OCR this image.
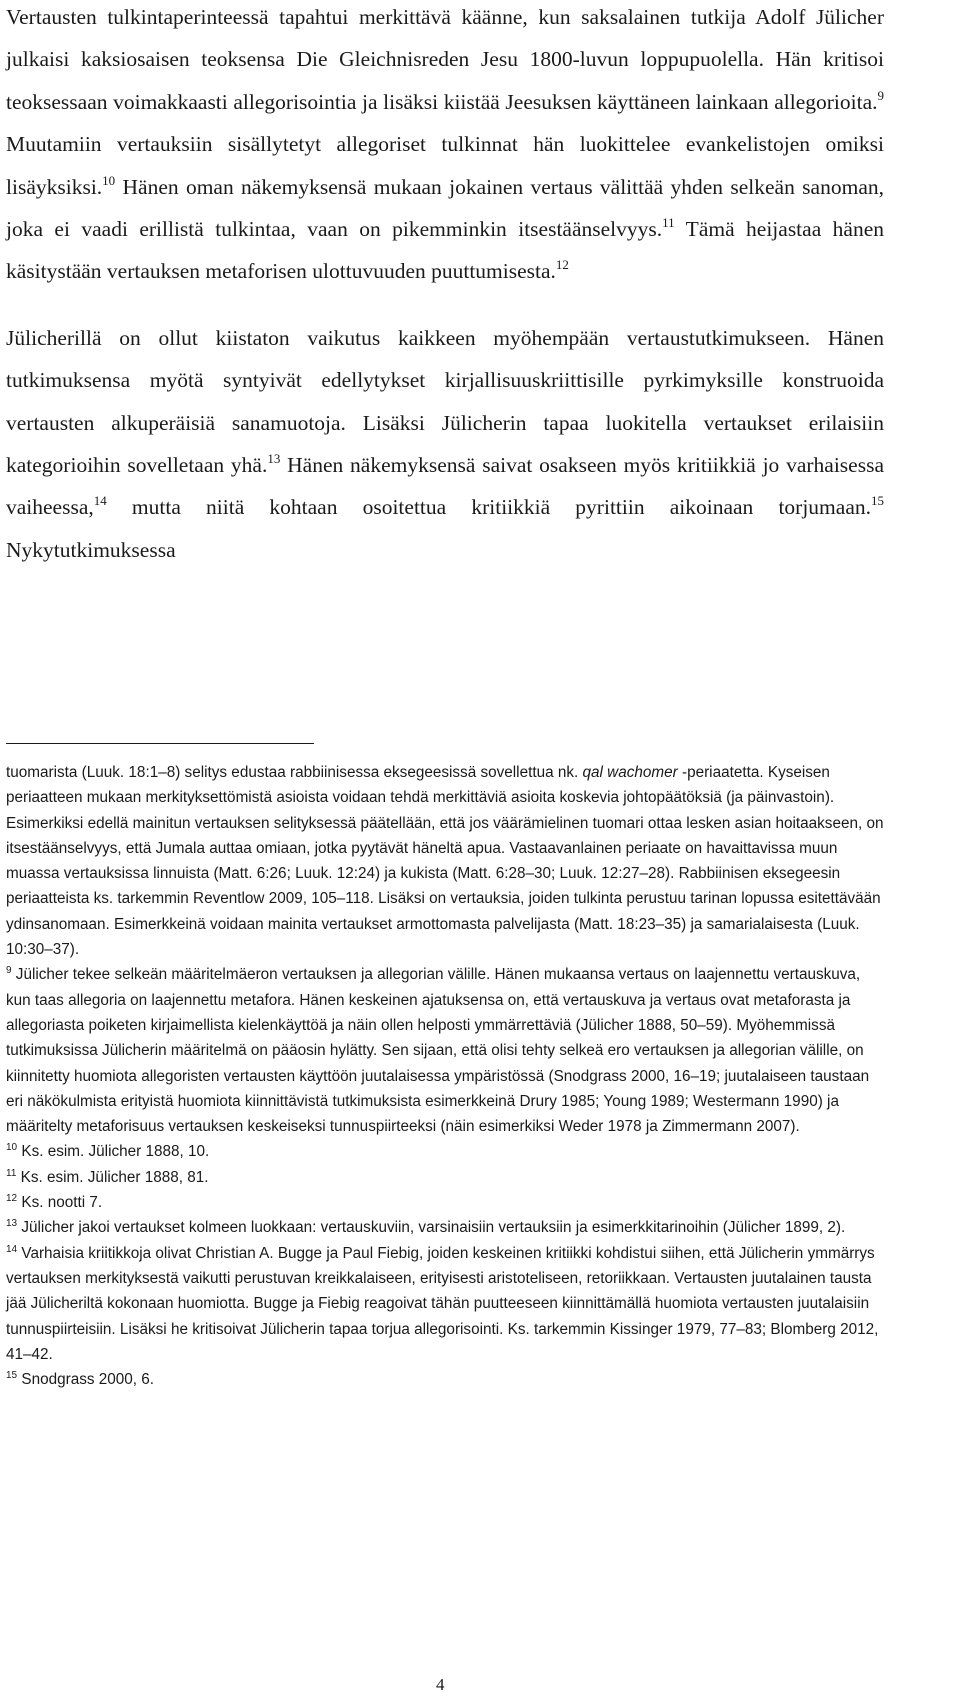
Vertausten tulkintaperinteessä tapahtui merkittävä käänne, kun saksalainen tutkija Adolf Jülicher julkaisi kaksiosaisen teoksensa Die Gleichnisreden Jesu 1800-luvun loppupuolella. Hän kritisoi teoksessaan voimakkaasti allegorisointia ja lisäksi kiistää Jeesuksen käyttäneen lainkaan allegorioita.$^9$ Muutamiin vertauksiin sisällytetyt allegoriset tulkinnat hän luokittelee evankelistojen omiksi lisäyksiksi.$^{10}$ Hänen oman näkemyksensä mukaan jokainen vertaus välittää yhden selkeän sanoman, joka ei vaadi erillistä tulkintaa, vaan on pikemminkin itsestäänselvyys.$^{11}$ Tämä heijastaa hänen käsitystään vertauksen metaforisen ulottuvuuden puuttumisesta.$^{12}$

Jülicherillä on ollut kiistaton vaikutus kaikkeen myöhempään vertaustutkimukseen. Hänen tutkimuksensa myötä syntyivät edellytykset kirjallisuuskriittisille pyrkimyksille konstruoida vertausten alkuperäisiä sanamuotoja. Lisäksi Jülicherin tapaa luokitella vertaukset erilaisiin kategorioihin sovelletaan yhä.$^{13}$ Hänen näkemyksensä saivat osakseen myös kritiikkiä jo varhaisessa vaiheessa,$^{14}$ mutta niitä kohtaan osoitettua kritiikkiä pyrittiin aikoinaan torjumaan.$^{15}$ Nykytutkimuksessa

tuomarista (Luuk. 18:1‒8) selitys edustaa rabbiinisessa eksegeesissä sovellettua nk. qal wachomer -periaatetta. Kyseisen periaatteen mukaan merkityksettömistä asioista voidaan tehdä merkittäviä asioita koskevia johtopäätöksiä (ja päinvastoin). Esimerkiksi edellä mainitun vertauksen selityksessä päätellään, että jos väärämielinen tuomari ottaa lesken asian hoitaakseen, on itsestäänselvyys, että Jumala auttaa omiaan, jotka pyytävät häneltä apua. Vastaavanlainen periaate on havaittavissa muun muassa vertauksissa linnuista (Matt. 6:26; Luuk. 12:24) ja kukista (Matt. 6:28‒30; Luuk. 12:27‒28). Rabbiinisen eksegeesin periaatteista ks. tarkemmin Reventlow 2009, 105‒118. Lisäksi on vertauksia, joiden tulkinta perustuu tarinan lopussa esitettävään ydinsanomaan. Esimerkkeinä voidaan mainita vertaukset armottomasta palvelijasta (Matt. 18:23‒35) ja samarialaisesta (Luuk. 10:30‒37).

$^9$ Jülicher tekee selkeän määritelmäeron vertauksen ja allegorian välille. Hänen mukaansa vertaus on laajennettu vertauskuva, kun taas allegoria on laajennettu metafora. Hänen keskeinen ajatuksensa on, että vertauskuva ja vertaus ovat metaforasta ja allegoriasta poiketen kirjaimellista kielenkäyttöä ja näin ollen helposti ymmärrettäviä (Jülicher 1888, 50‒59). Myöhemmissä tutkimuksissa Jülicherin määritelmä on pääosin hylätty. Sen sijaan, että olisi tehty selkeä ero vertauksen ja allegorian välille, on kiinnitetty huomiota allegoristen vertausten käyttöön juutalaisessa ympäristössä (Snodgrass 2000, 16‒19; juutalaiseen taustaan eri näkökulmista erityistä huomiota kiinnittävistä tutkimuksista esimerkkeinä Drury 1985; Young 1989; Westermann 1990) ja määritelty metaforisuus vertauksen keskeiseksi tunnuspiirteeksi (näin esimerkiksi Weder 1978 ja Zimmermann 2007).

$^{10}$ Ks. esim. Jülicher 1888, 10.

$^{11}$ Ks. esim. Jülicher 1888, 81.

$^{12}$ Ks. nootti 7.

$^{13}$ Jülicher jakoi vertaukset kolmeen luokkaan: vertauskuviin, varsinaisiin vertauksiin ja esimerkkitarinoihin (Jülicher 1899, 2).

$^{14}$ Varhaisia kriitikkoja olivat Christian A. Bugge ja Paul Fiebig, joiden keskeinen kritiikki kohdistui siihen, että Jülicherin ymmärrys vertauksen merkityksestä vaikutti perustuvan kreikkalaiseen, erityisesti aristoteliseen, retoriikkaan. Vertausten juutalainen tausta jää Jülicheriltä kokonaan huomiotta. Bugge ja Fiebig reagoivat tähän puutteeseen kiinnittämällä huomiota vertausten juutalaisiin tunnuspiirteisiin. Lisäksi he kritisoivat Jülicherin tapaa torjua allegorisointi. Ks. tarkemmin Kissinger 1979, 77‒83; Blomberg 2012, 41‒42.

$^{15}$ Snodgrass 2000, 6.

4
